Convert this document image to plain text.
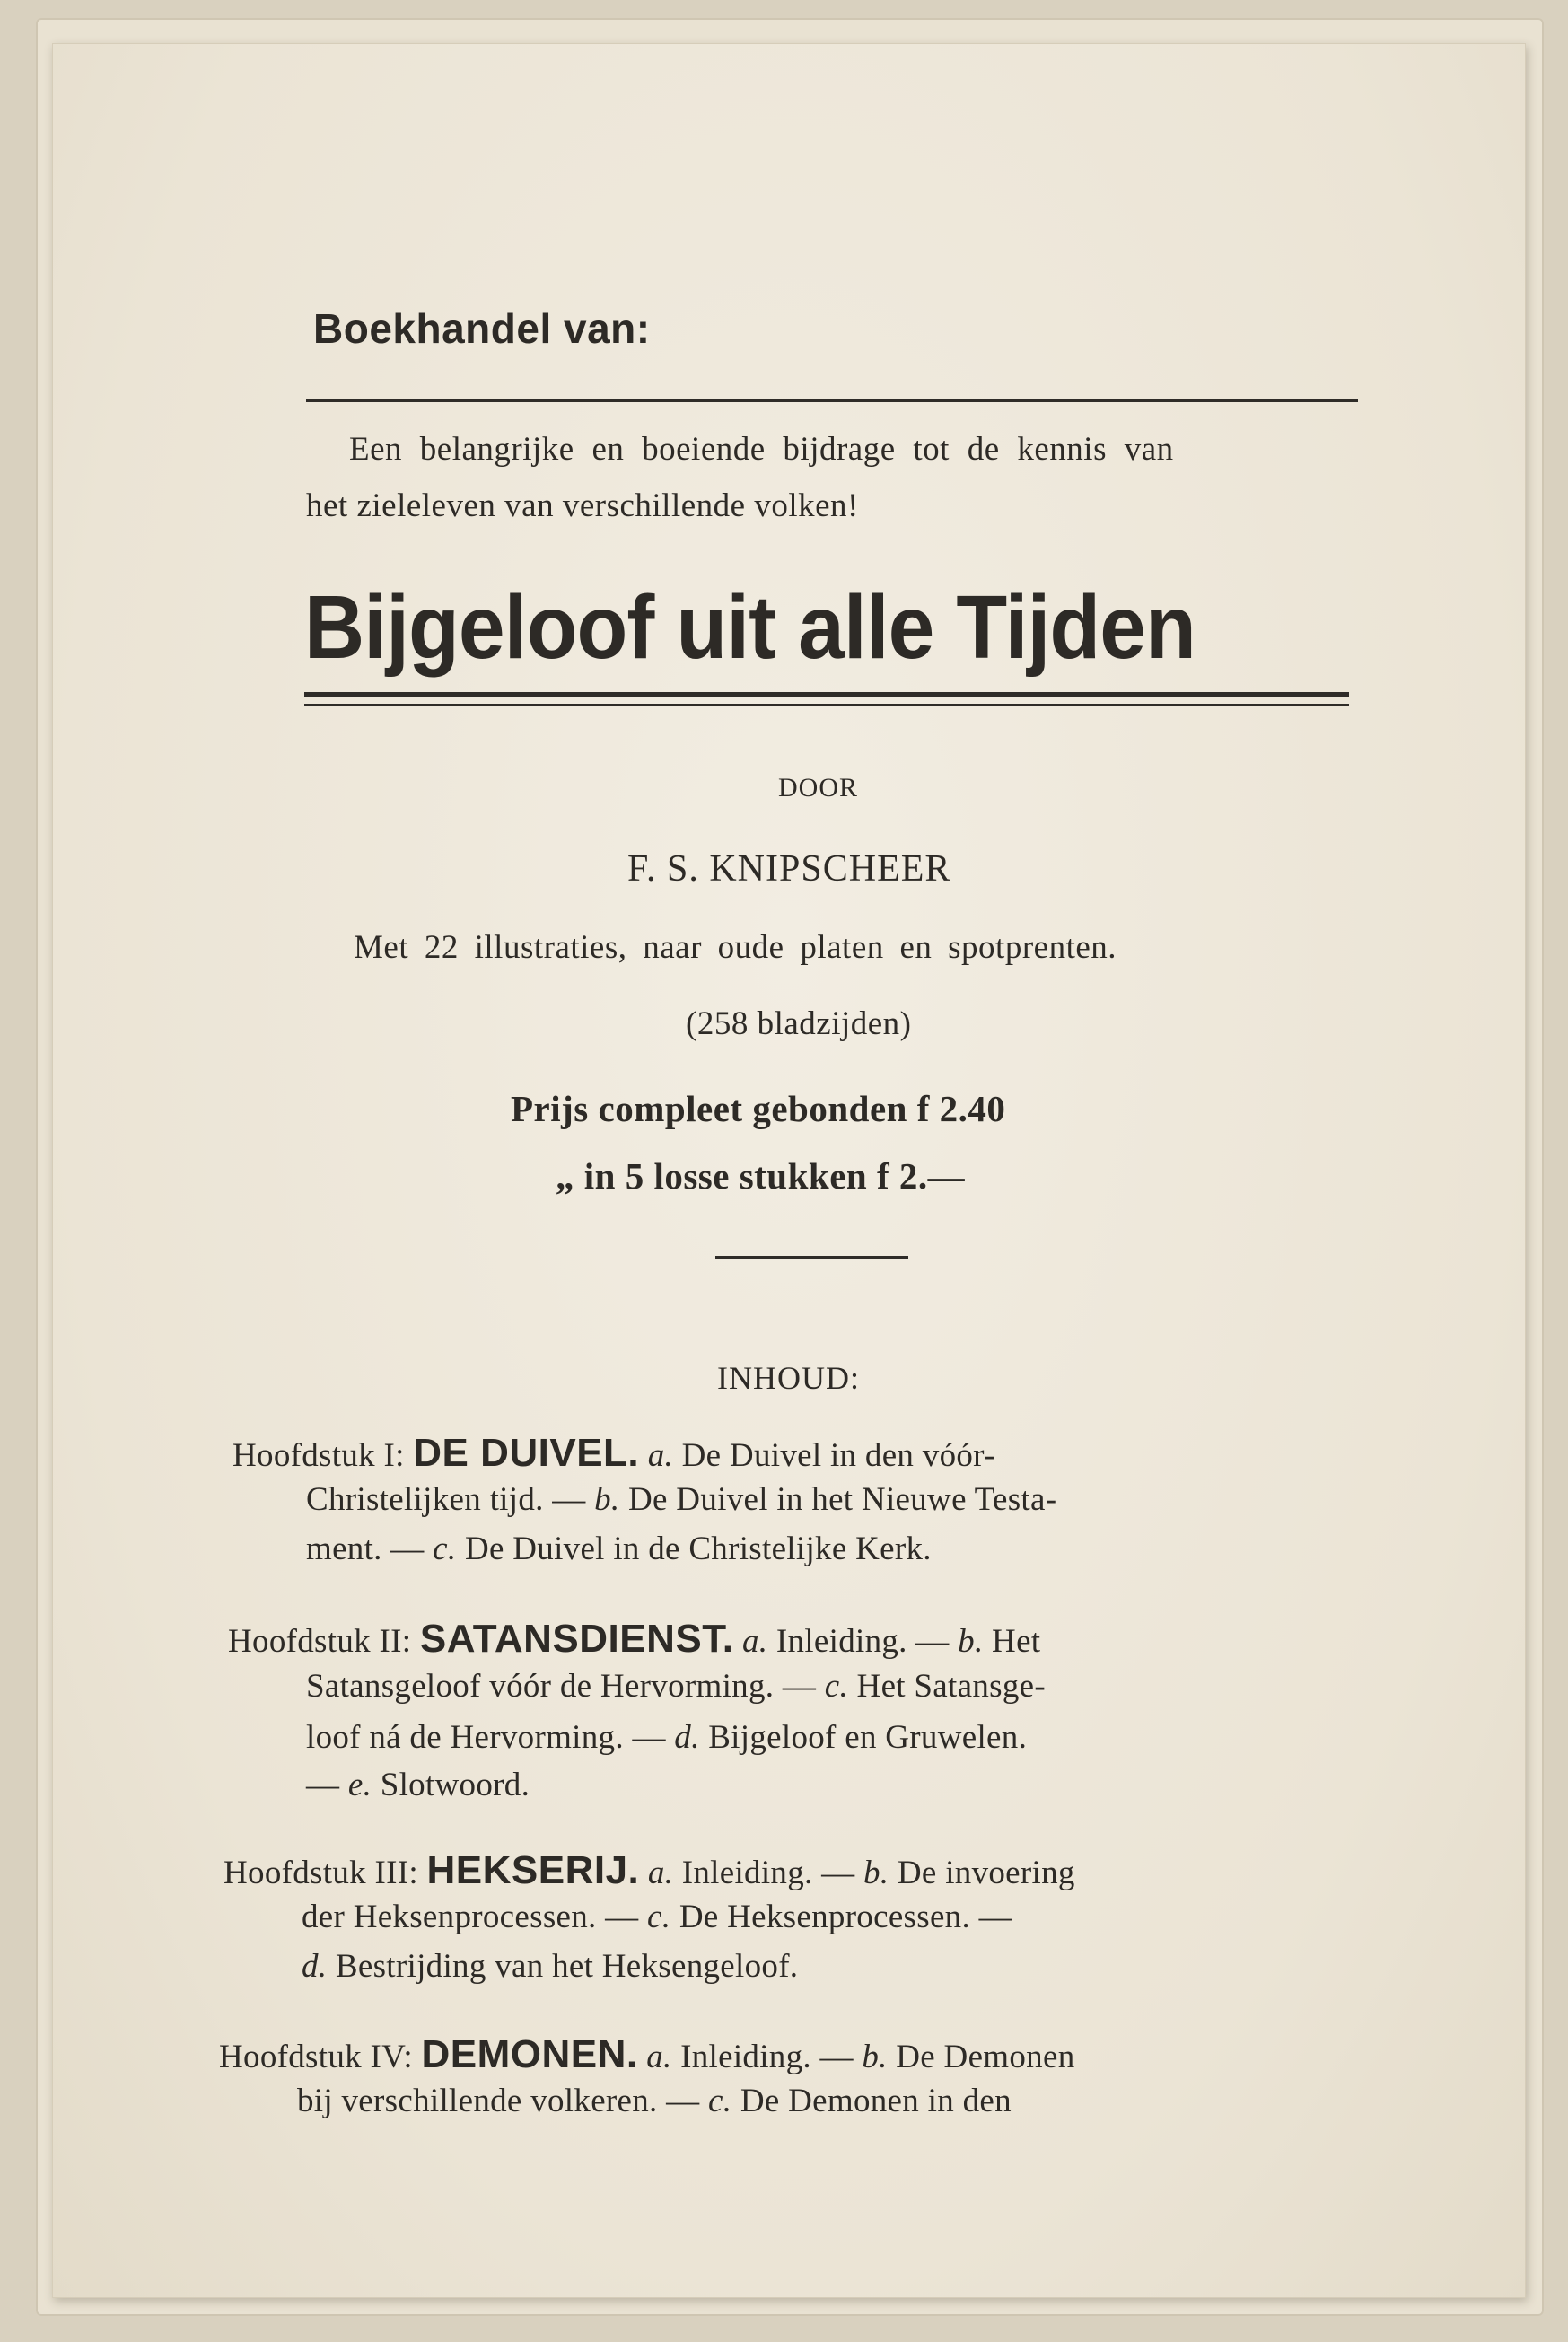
Boekhandel van:

Een belangrijke en boeiende bijdrage tot de kennis van

het zieleleven van verschillende volken!

Bijgeloof uit alle Tijden

DOOR

F. S. KNIPSCHEER

Met 22 illustraties, naar oude platen en spotprenten.

(258 bladzijden)

Prijs compleet gebonden f 2.40

„ in 5 losse stukken f 2.—

INHOUD:

Hoofdstuk I: DE DUIVEL. a. De Duivel in den vóór-

Christelijken tijd. — b. De Duivel in het Nieuwe Testa-

ment. — c. De Duivel in de Christelijke Kerk.

Hoofdstuk II: SATANSDIENST. a. Inleiding. — b. Het

Satansgeloof vóór de Hervorming. — c. Het Satansge-

loof ná de Hervorming. — d. Bijgeloof en Gruwelen.

— e. Slotwoord.

Hoofdstuk III: HEKSERIJ. a. Inleiding. — b. De invoering

der Heksenprocessen. — c. De Heksenprocessen. —

d. Bestrijding van het Heksengeloof.

Hoofdstuk IV: DEMONEN. a. Inleiding. — b. De Demonen

bij verschillende volkeren. — c. De Demonen in den
